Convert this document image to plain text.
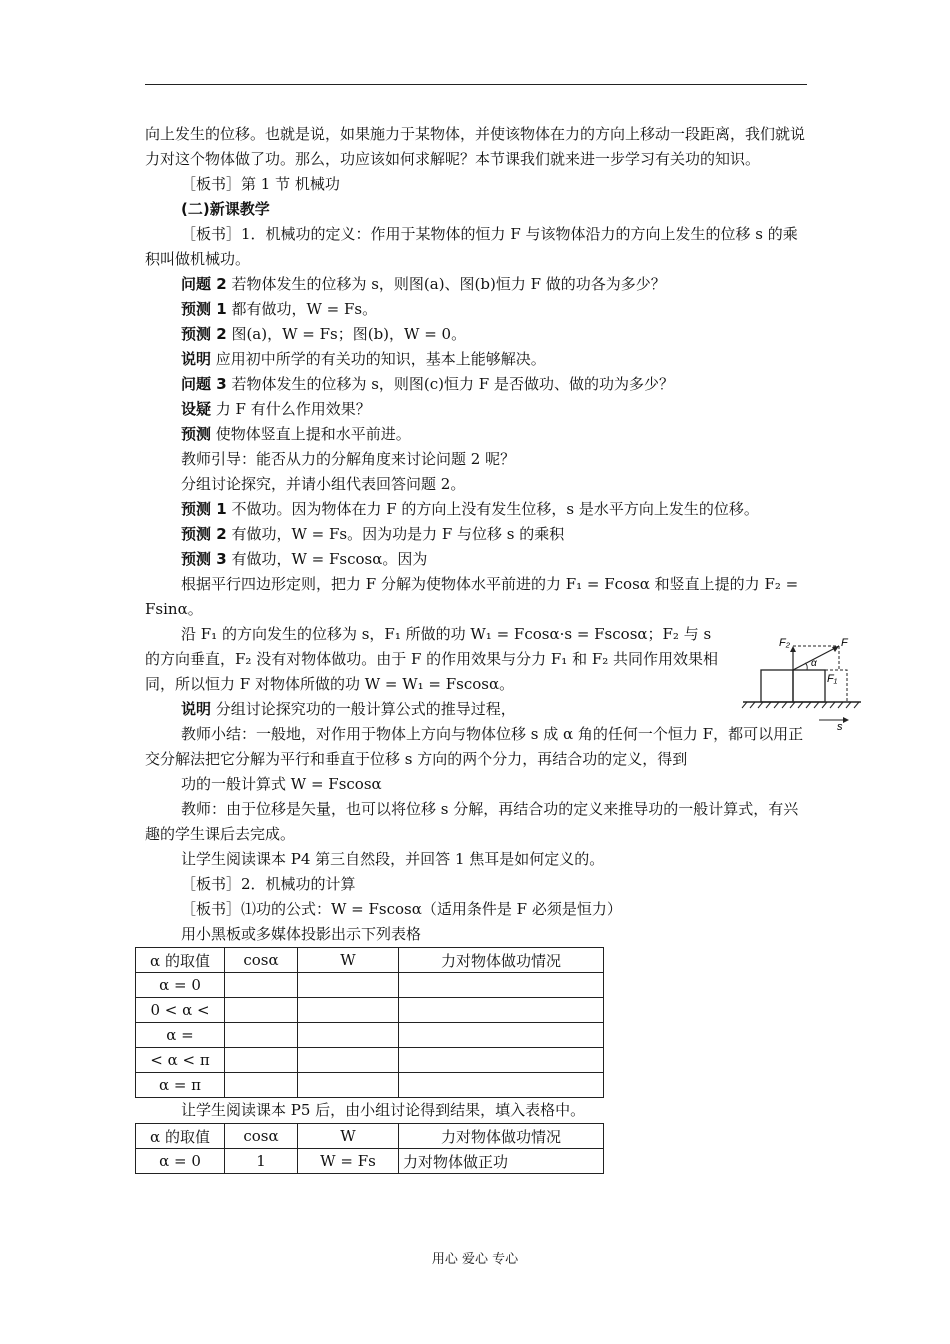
向上发生的位移。也就是说，如果施力于某物体，并使该物体在力的方向上移动一段距离，我们就说力对这个物体做了功。那么，功应该如何求解呢？本节课我们就来进一步学习有关功的知识。

［板书］第 1 节 机械功

(二)新课教学

［板书］1．机械功的定义：作用于某物体的恒力 F 与该物体沿力的方向上发生的位移 s 的乘积叫做机械功。

问题 2 若物体发生的位移为 s，则图(a)、图(b)恒力 F 做的功各为多少？

预测 1 都有做功，W = Fs。

预测 2 图(a)，W = Fs；图(b)，W = 0。

说明 应用初中所学的有关功的知识，基本上能够解决。

问题 3 若物体发生的位移为 s，则图(c)恒力 F 是否做功、做的功为多少？

设疑 力 F 有什么作用效果？

预测 使物体竖直上提和水平前进。

教师引导：能否从力的分解角度来讨论问题 2 呢？

分组讨论探究，并请小组代表回答问题 2。

预测 1 不做功。因为物体在力 F 的方向上没有发生位移，s 是水平方向上发生的位移。

预测 2 有做功，W = Fs。因为功是力 F 与位移 s 的乘积

预测 3 有做功，W = Fscosα。因为

根据平行四边形定则，把力 F 分解为使物体水平前进的力 F₁ = Fcosα 和竖直上提的力 F₂ = Fsinα。

沿 F₁ 的方向发生的位移为 s，F₁ 所做的功 W₁ = Fcosα·s = Fscosα；F₂ 与 s 的方向垂直，F₂ 没有对物体做功。由于 F 的作用效果与分力 F₁ 和 F₂ 共同作用效果相同，所以恒力 F 对物体所做的功 W = W₁ = Fscosα。

说明 分组讨论探究功的一般计算公式的推导过程，

教师小结：一般地，对作用于物体上方向与物体位移 s 成 α 角的任何一个恒力 F，都可以用正交分解法把它分解为平行和垂直于位移 s 方向的两个分力，再结合功的定义，得到

功的一般计算式 W = Fscosα

教师：由于位移是矢量，也可以将位移 s 分解，再结合功的定义来推导功的一般计算式，有兴趣的学生课后去完成。

让学生阅读课本 P4 第三自然段，并回答 1 焦耳是如何定义的。

［板书］2．机械功的计算

［板书］⑴功的公式：W = Fscosα（适用条件是 F 必须是恒力）

用小黑板或多媒体投影出示下列表格

α 的取值	cosα	W	力对物体做功情况
α = 0			
0 < α <			
α =			
< α < π			
α = π			

让学生阅读课本 P5 后，由小组讨论得到结果，填入表格中。

α 的取值	cosα	W	力对物体做功情况
α = 0	1	W = Fs	力对物体做正功
F₂	F
α
F₁
s
用心 爱心 专心
